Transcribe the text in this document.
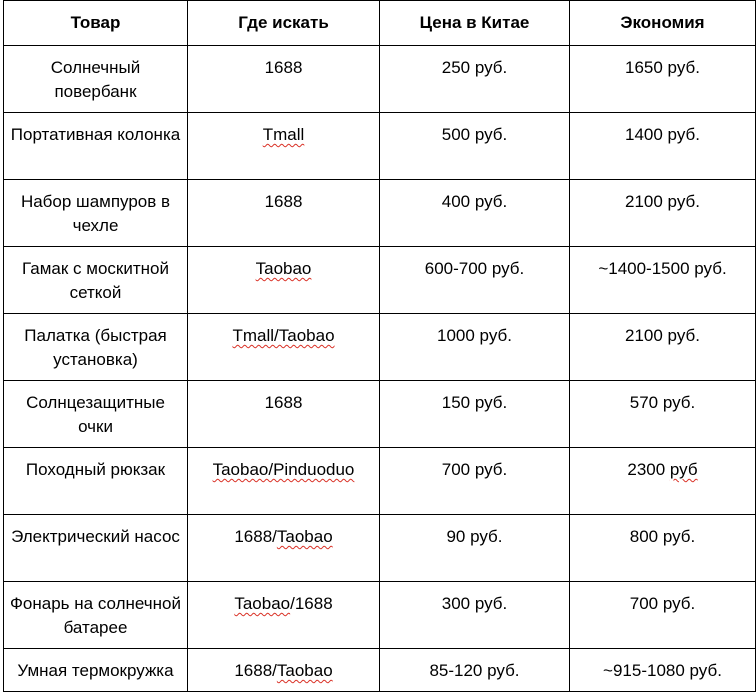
Товар	Где искать	Цена в Китае	Экономия
Солнечный повербанк	1688	250 руб.	1650 руб.
Портативная колонка	Tmall	500 руб.	1400 руб.
Набор шампуров в чехле	1688	400 руб.	2100 руб.
Гамак с москитной сеткой	Taobao	600-700 руб.	~1400-1500 руб.
Палатка (быстрая установка)	Tmall/Taobao	1000 руб.	2100 руб.
Солнцезащитные очки	1688	150 руб.	570 руб.
Походный рюкзак	Taobao/Pinduoduo	700 руб.	2300 руб
Электрический насос	1688/Taobao	90 руб.	800 руб.
Фонарь на солнечной батарее	Taobao/1688	300 руб.	700 руб.
Умная термокружка	1688/Taobao	85-120 руб.	~915-1080 руб.
